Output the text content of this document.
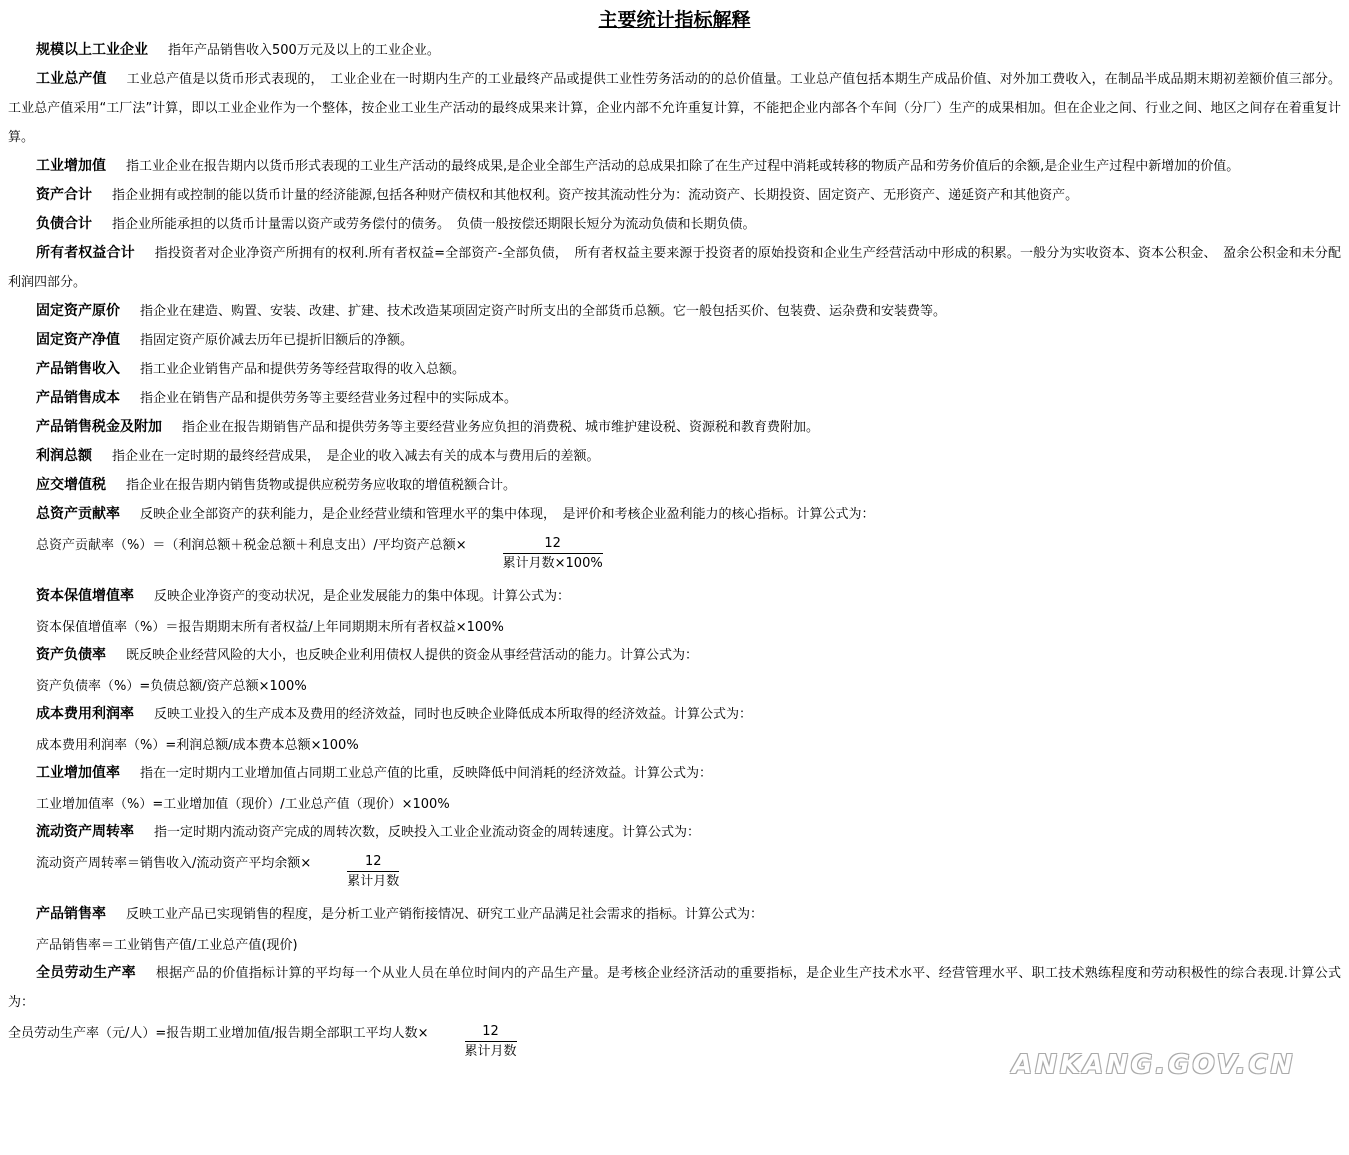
主要统计指标解释

规模以上工业企业 指年产品销售收入500万元及以上的工业企业。

工业总产值 工业总产值是以货币形式表现的，　工业企业在一时期内生产的工业最终产品或提供工业性劳务活动的的总价值量。工业总产值包括本期生产成品价值、对外加工费收入，在制品半成品期末期初差额价值三部分。工业总产值采用“工厂法”计算，即以工业企业作为一个整体，按企业工业生产活动的最终成果来计算，企业内部不允许重复计算，不能把企业内部各个车间（分厂）生产的成果相加。但在企业之间、行业之间、地区之间存在着重复计算。

工业增加值 指工业企业在报告期内以货币形式表现的工业生产活动的最终成果,是企业全部生产活动的总成果扣除了在生产过程中消耗或转移的物质产品和劳务价值后的余额,是企业生产过程中新增加的价值。

资产合计 指企业拥有或控制的能以货币计量的经济能源,包括各种财产债权和其他权利。资产按其流动性分为：流动资产、长期投资、固定资产、无形资产、递延资产和其他资产。

负债合计 指企业所能承担的以货币计量需以资产或劳务偿付的债务。　负债一般按偿还期限长短分为流动负债和长期负债。

所有者权益合计 指投资者对企业净资产所拥有的权利.所有者权益=全部资产-全部负债，　所有者权益主要来源于投资者的原始投资和企业生产经营活动中形成的积累。一般分为实收资本、资本公积金、　盈余公积金和未分配利润四部分。

固定资产原价 指企业在建造、购置、安装、改建、扩建、技术改造某项固定资产时所支出的全部货币总额。它一般包括买价、包装费、运杂费和安装费等。

固定资产净值 指固定资产原价减去历年已提折旧额后的净额。

产品销售收入 指工业企业销售产品和提供劳务等经营取得的收入总额。

产品销售成本 指企业在销售产品和提供劳务等主要经营业务过程中的实际成本。

产品销售税金及附加 指企业在报告期销售产品和提供劳务等主要经营业务应负担的消费税、城市维护建设税、资源税和教育费附加。

利润总额 指企业在一定时期的最终经营成果，　是企业的收入减去有关的成本与费用后的差额。

应交增值税 指企业在报告期内销售货物或提供应税劳务应收取的增值税额合计。

总资产贡献率 反映企业全部资产的获利能力，是企业经营业绩和管理水平的集中体现，　是评价和考核企业盈利能力的核心指标。计算公式为：

总资产贡献率（%）＝（利润总额＋税金总额＋利息支出）/平均资产总额×	$\frac{12}{\text{累计月数×100\%}}$

资本保值增值率 反映企业净资产的变动状况，是企业发展能力的集中体现。计算公式为：

资本保值增值率（%）＝报告期期末所有者权益/上年同期期末所有者权益×100%

资产负债率 既反映企业经营风险的大小，也反映企业利用债权人提供的资金从事经营活动的能力。计算公式为：

资产负债率（%）=负债总额/资产总额×100%

成本费用利润率 反映工业投入的生产成本及费用的经济效益，同时也反映企业降低成本所取得的经济效益。计算公式为：

成本费用利润率（%）=利润总额/成本费本总额×100%

工业增加值率 指在一定时期内工业增加值占同期工业总产值的比重，反映降低中间消耗的经济效益。计算公式为：

工业增加值率（%）=工业增加值（现价）/工业总产值（现价）×100%

流动资产周转率 指一定时期内流动资产完成的周转次数，反映投入工业企业流动资金的周转速度。计算公式为：

流动资产周转率＝销售收入/流动资产平均余额×	$\frac{12}{\text{累计月数}}$

产品销售率 反映工业产品已实现销售的程度，是分析工业产销衔接情况、研究工业产品满足社会需求的指标。计算公式为：

产品销售率＝工业销售产值/工业总产值(现价)

全员劳动生产率 根据产品的价值指标计算的平均每一个从业人员在单位时间内的产品生产量。是考核企业经济活动的重要指标，是企业生产技术水平、经营管理水平、职工技术熟练程度和劳动积极性的综合表现.计算公式为：

全员劳动生产率（元/人）=报告期工业增加值/报告期全部职工平均人数×	$\frac{12}{\text{累计月数}}$
ANKANG.GOV.CN
